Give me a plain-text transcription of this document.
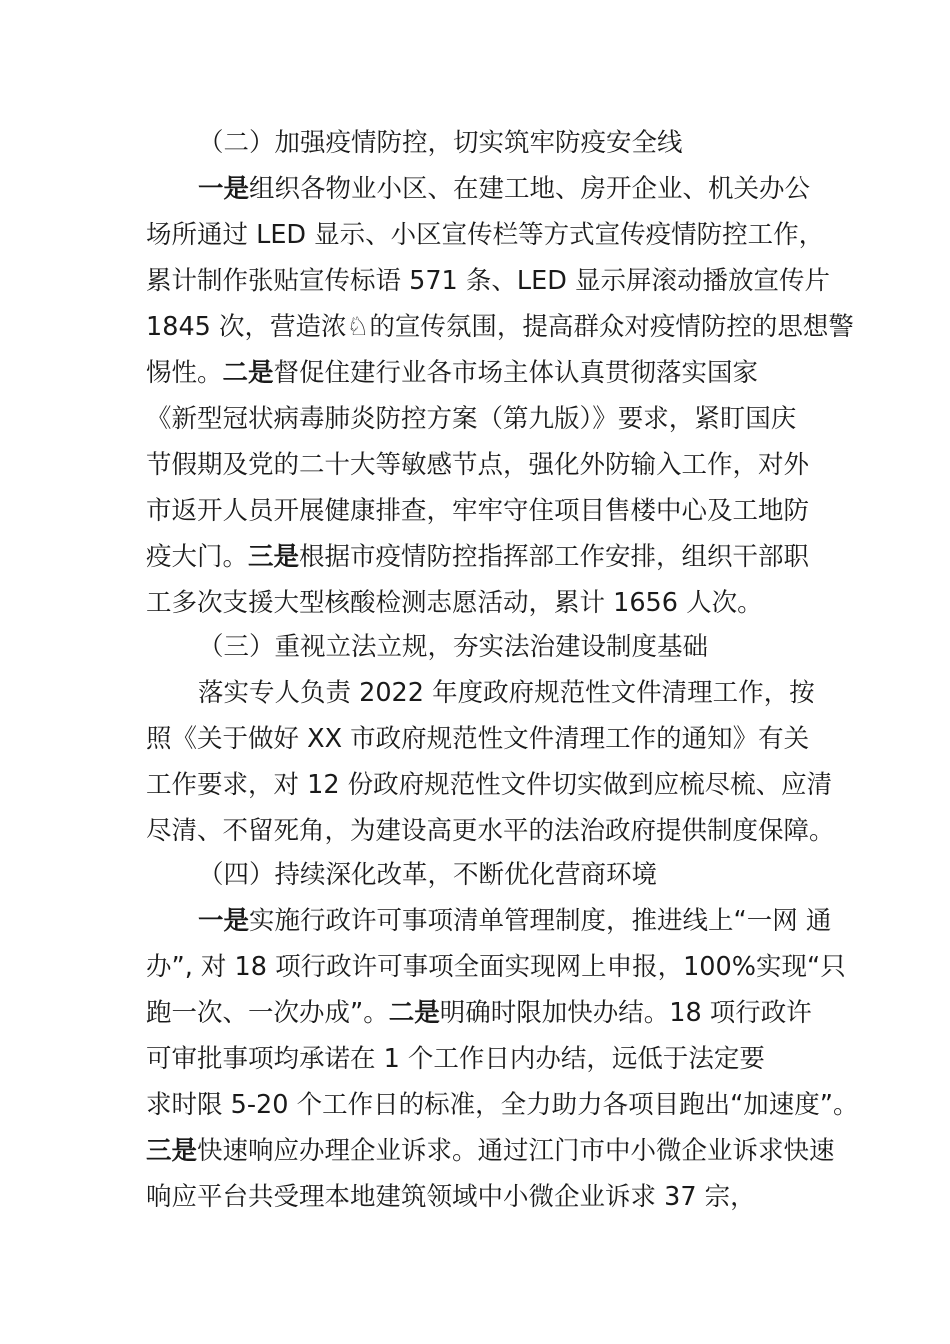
（二）加强疫情防控，切实筑牢防疫安全线
一是组织各物业小区、在建工地、房开企业、机关办公
场所通过 LED 显示、小区宣传栏等方式宣传疫情防控工作，
累计制作张贴宣传标语 571 条、LED 显示屏滚动播放宣传片
1845 次，营造浓♘的宣传氛围，提高群众对疫情防控的思想警
惕性。二是督促住建行业各市场主体认真贯彻落实国家
《新型冠状病毒肺炎防控方案（第九版）》要求，紧盯国庆
节假期及党的二十大等敏感节点，强化外防输入工作，对外
市返开人员开展健康排查，牢牢守住项目售楼中心及工地防
疫大门。三是根据市疫情防控指挥部工作安排，组织干部职
工多次支援大型核酸检测志愿活动，累计 1656 人次。
（三）重视立法立规，夯实法治建设制度基础
落实专人负责 2022 年度政府规范性文件清理工作，按
照《关于做好 XX 市政府规范性文件清理工作的通知》有关
工作要求，对 12 份政府规范性文件切实做到应梳尽梳、应清
尽清、不留死角，为建设高更水平的法治政府提供制度保障。
（四）持续深化改革，不断优化营商环境
一是实施行政许可事项清单管理制度，推进线上“一网 通
办”, 对 18 项行政许可事项全面实现网上申报，100%实现“只
跑一次、一次办成”。二是明确时限加快办结。18 项行政许
可审批事项均承诺在 1 个工作日内办结，远低于法定要
求时限 5-20 个工作日的标准，全力助力各项目跑出“加速度”。
三是快速响应办理企业诉求。通过江门市中小微企业诉求快速
响应平台共受理本地建筑领域中小微企业诉求 37 宗，
